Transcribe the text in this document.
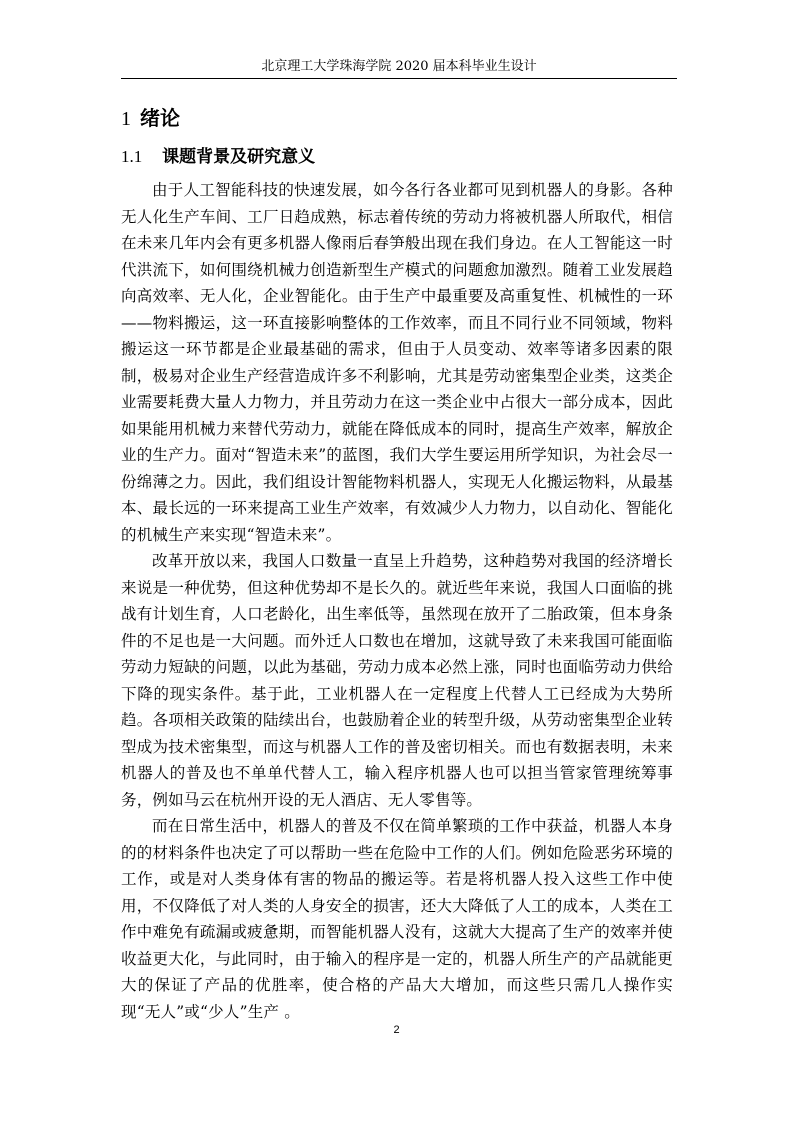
北京理工大学珠海学院 2020 届本科毕业生设计
1 绪论
1.1 课题背景及研究意义

由于人工智能科技的快速发展，如今各行各业都可见到机器人的身影。各种无人化生产车间、工厂日趋成熟，标志着传统的劳动力将被机器人所取代，相信在未来几年内会有更多机器人像雨后春笋般出现在我们身边。在人工智能这一时代洪流下，如何围绕机械力创造新型生产模式的问题愈加激烈。随着工业发展趋向高效率、无人化，企业智能化。由于生产中最重要及高重复性、机械性的一环——物料搬运，这一环直接影响整体的工作效率，而且不同行业不同领域，物料搬运这一环节都是企业最基础的需求，但由于人员变动、效率等诸多因素的限制，极易对企业生产经营造成许多不利影响，尤其是劳动密集型企业类，这类企业需要耗费大量人力物力，并且劳动力在这一类企业中占很大一部分成本，因此如果能用机械力来替代劳动力，就能在降低成本的同时，提高生产效率，解放企业的生产力。面对“智造未来”的蓝图，我们大学生要运用所学知识，为社会尽一份绵薄之力。因此，我们组设计智能物料机器人，实现无人化搬运物料，从最基本、最长远的一环来提高工业生产效率，有效减少人力物力，以自动化、智能化的机械生产来实现“智造未来”。

改革开放以来，我国人口数量一直呈上升趋势，这种趋势对我国的经济增长来说是一种优势，但这种优势却不是长久的。就近些年来说，我国人口面临的挑战有计划生育，人口老龄化，出生率低等，虽然现在放开了二胎政策，但本身条件的不足也是一大问题。而外迁人口数也在增加，这就导致了未来我国可能面临劳动力短缺的问题，以此为基础，劳动力成本必然上涨，同时也面临劳动力供给下降的现实条件。基于此，工业机器人在一定程度上代替人工已经成为大势所趋。各项相关政策的陆续出台，也鼓励着企业的转型升级，从劳动密集型企业转型成为技术密集型，而这与机器人工作的普及密切相关。而也有数据表明，未来机器人的普及也不单单代替人工，输入程序机器人也可以担当管家管理统筹事务，例如马云在杭州开设的无人酒店、无人零售等。

而在日常生活中，机器人的普及不仅在简单繁琐的工作中获益，机器人本身的的材料条件也决定了可以帮助一些在危险中工作的人们。例如危险恶劣环境的工作，或是对人类身体有害的物品的搬运等。若是将机器人投入这些工作中使用，不仅降低了对人类的人身安全的损害，还大大降低了人工的成本，人类在工作中难免有疏漏或疲惫期，而智能机器人没有，这就大大提高了生产的效率并使收益更大化，与此同时，由于输入的程序是一定的，机器人所生产的产品就能更大的保证了产品的优胜率，使合格的产品大大增加，而这些只需几人操作实现“无人”或“少人”生产 。

2
